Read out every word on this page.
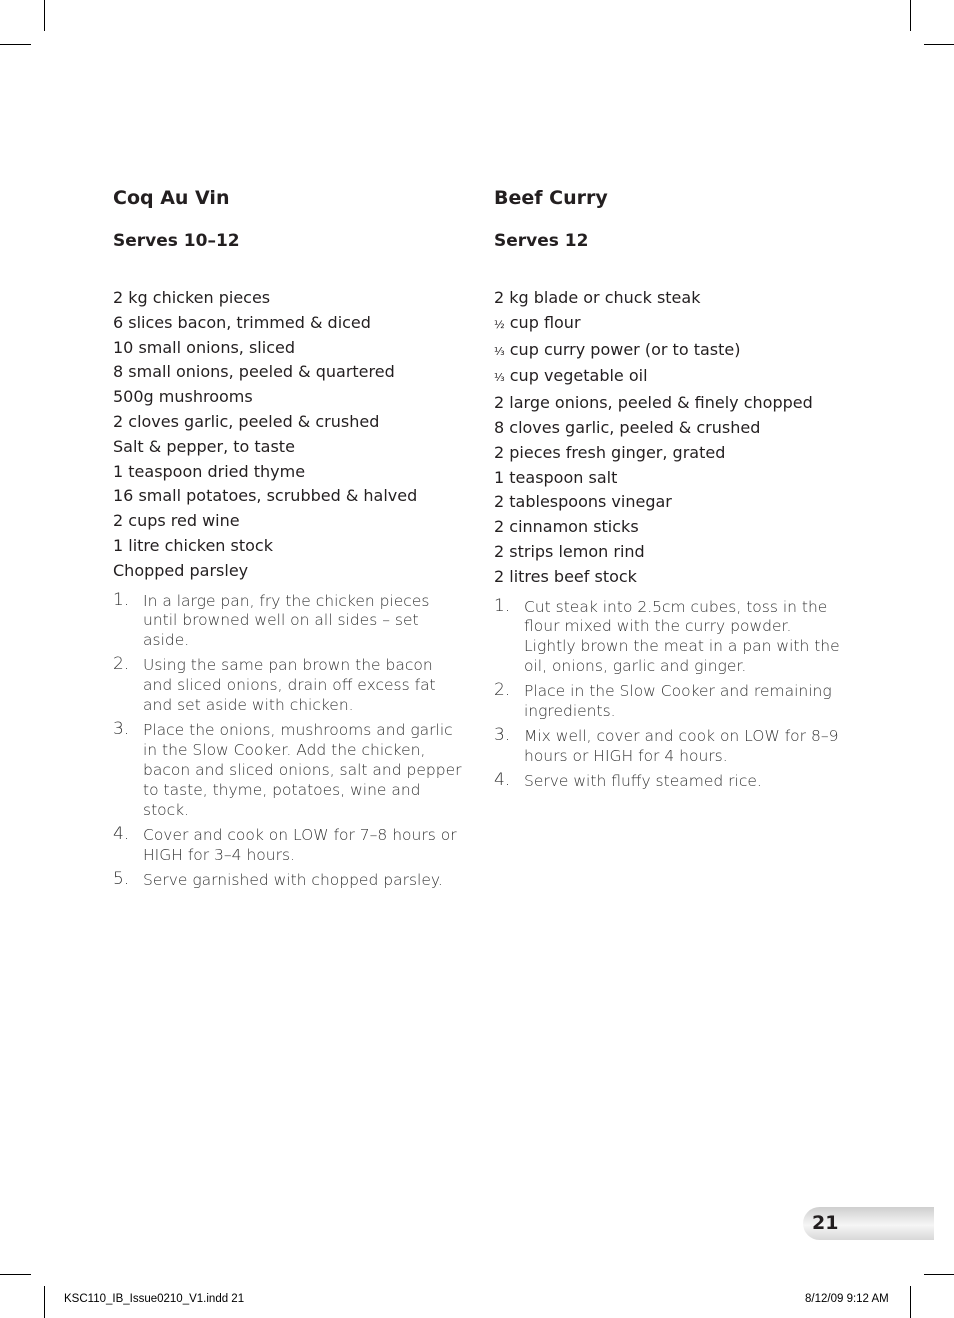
Coq Au Vin
Serves 10–12
2 kg chicken pieces
6 slices bacon, trimmed & diced
10 small onions, sliced
8 small onions, peeled & quartered
500g mushrooms
2 cloves garlic, peeled & crushed
Salt & pepper, to taste
1 teaspoon dried thyme
16 small potatoes, scrubbed & halved
2 cups red wine
1 litre chicken stock
Chopped parsley
1. In a large pan, fry the chicken pieces until browned well on all sides – set aside.
2. Using the same pan brown the bacon and sliced onions, drain off excess fat and set aside with chicken.
3. Place the onions, mushrooms and garlic in the Slow Cooker. Add the chicken, bacon and sliced onions, salt and pepper to taste, thyme, potatoes, wine and stock.
4. Cover and cook on LOW for 7–8 hours or HIGH for 3–4 hours.
5. Serve garnished with chopped parsley.
Beef Curry
Serves 12
2 kg blade or chuck steak
½ cup flour
⅓ cup curry power (or to taste)
⅓ cup vegetable oil
2 large onions, peeled & finely chopped
8 cloves garlic, peeled & crushed
2 pieces fresh ginger, grated
1 teaspoon salt
2 tablespoons vinegar
2 cinnamon sticks
2 strips lemon rind
2 litres beef stock
1. Cut steak into 2.5cm cubes, toss in the flour mixed with the curry powder. Lightly brown the meat in a pan with the oil, onions, garlic and ginger.
2. Place in the Slow Cooker and remaining ingredients.
3. Mix well, cover and cook on LOW for 8–9 hours or HIGH for 4 hours.
4. Serve with fluffy steamed rice.
21
KSC110_IB_Issue0210_V1.indd 21	8/12/09 9:12 AM
